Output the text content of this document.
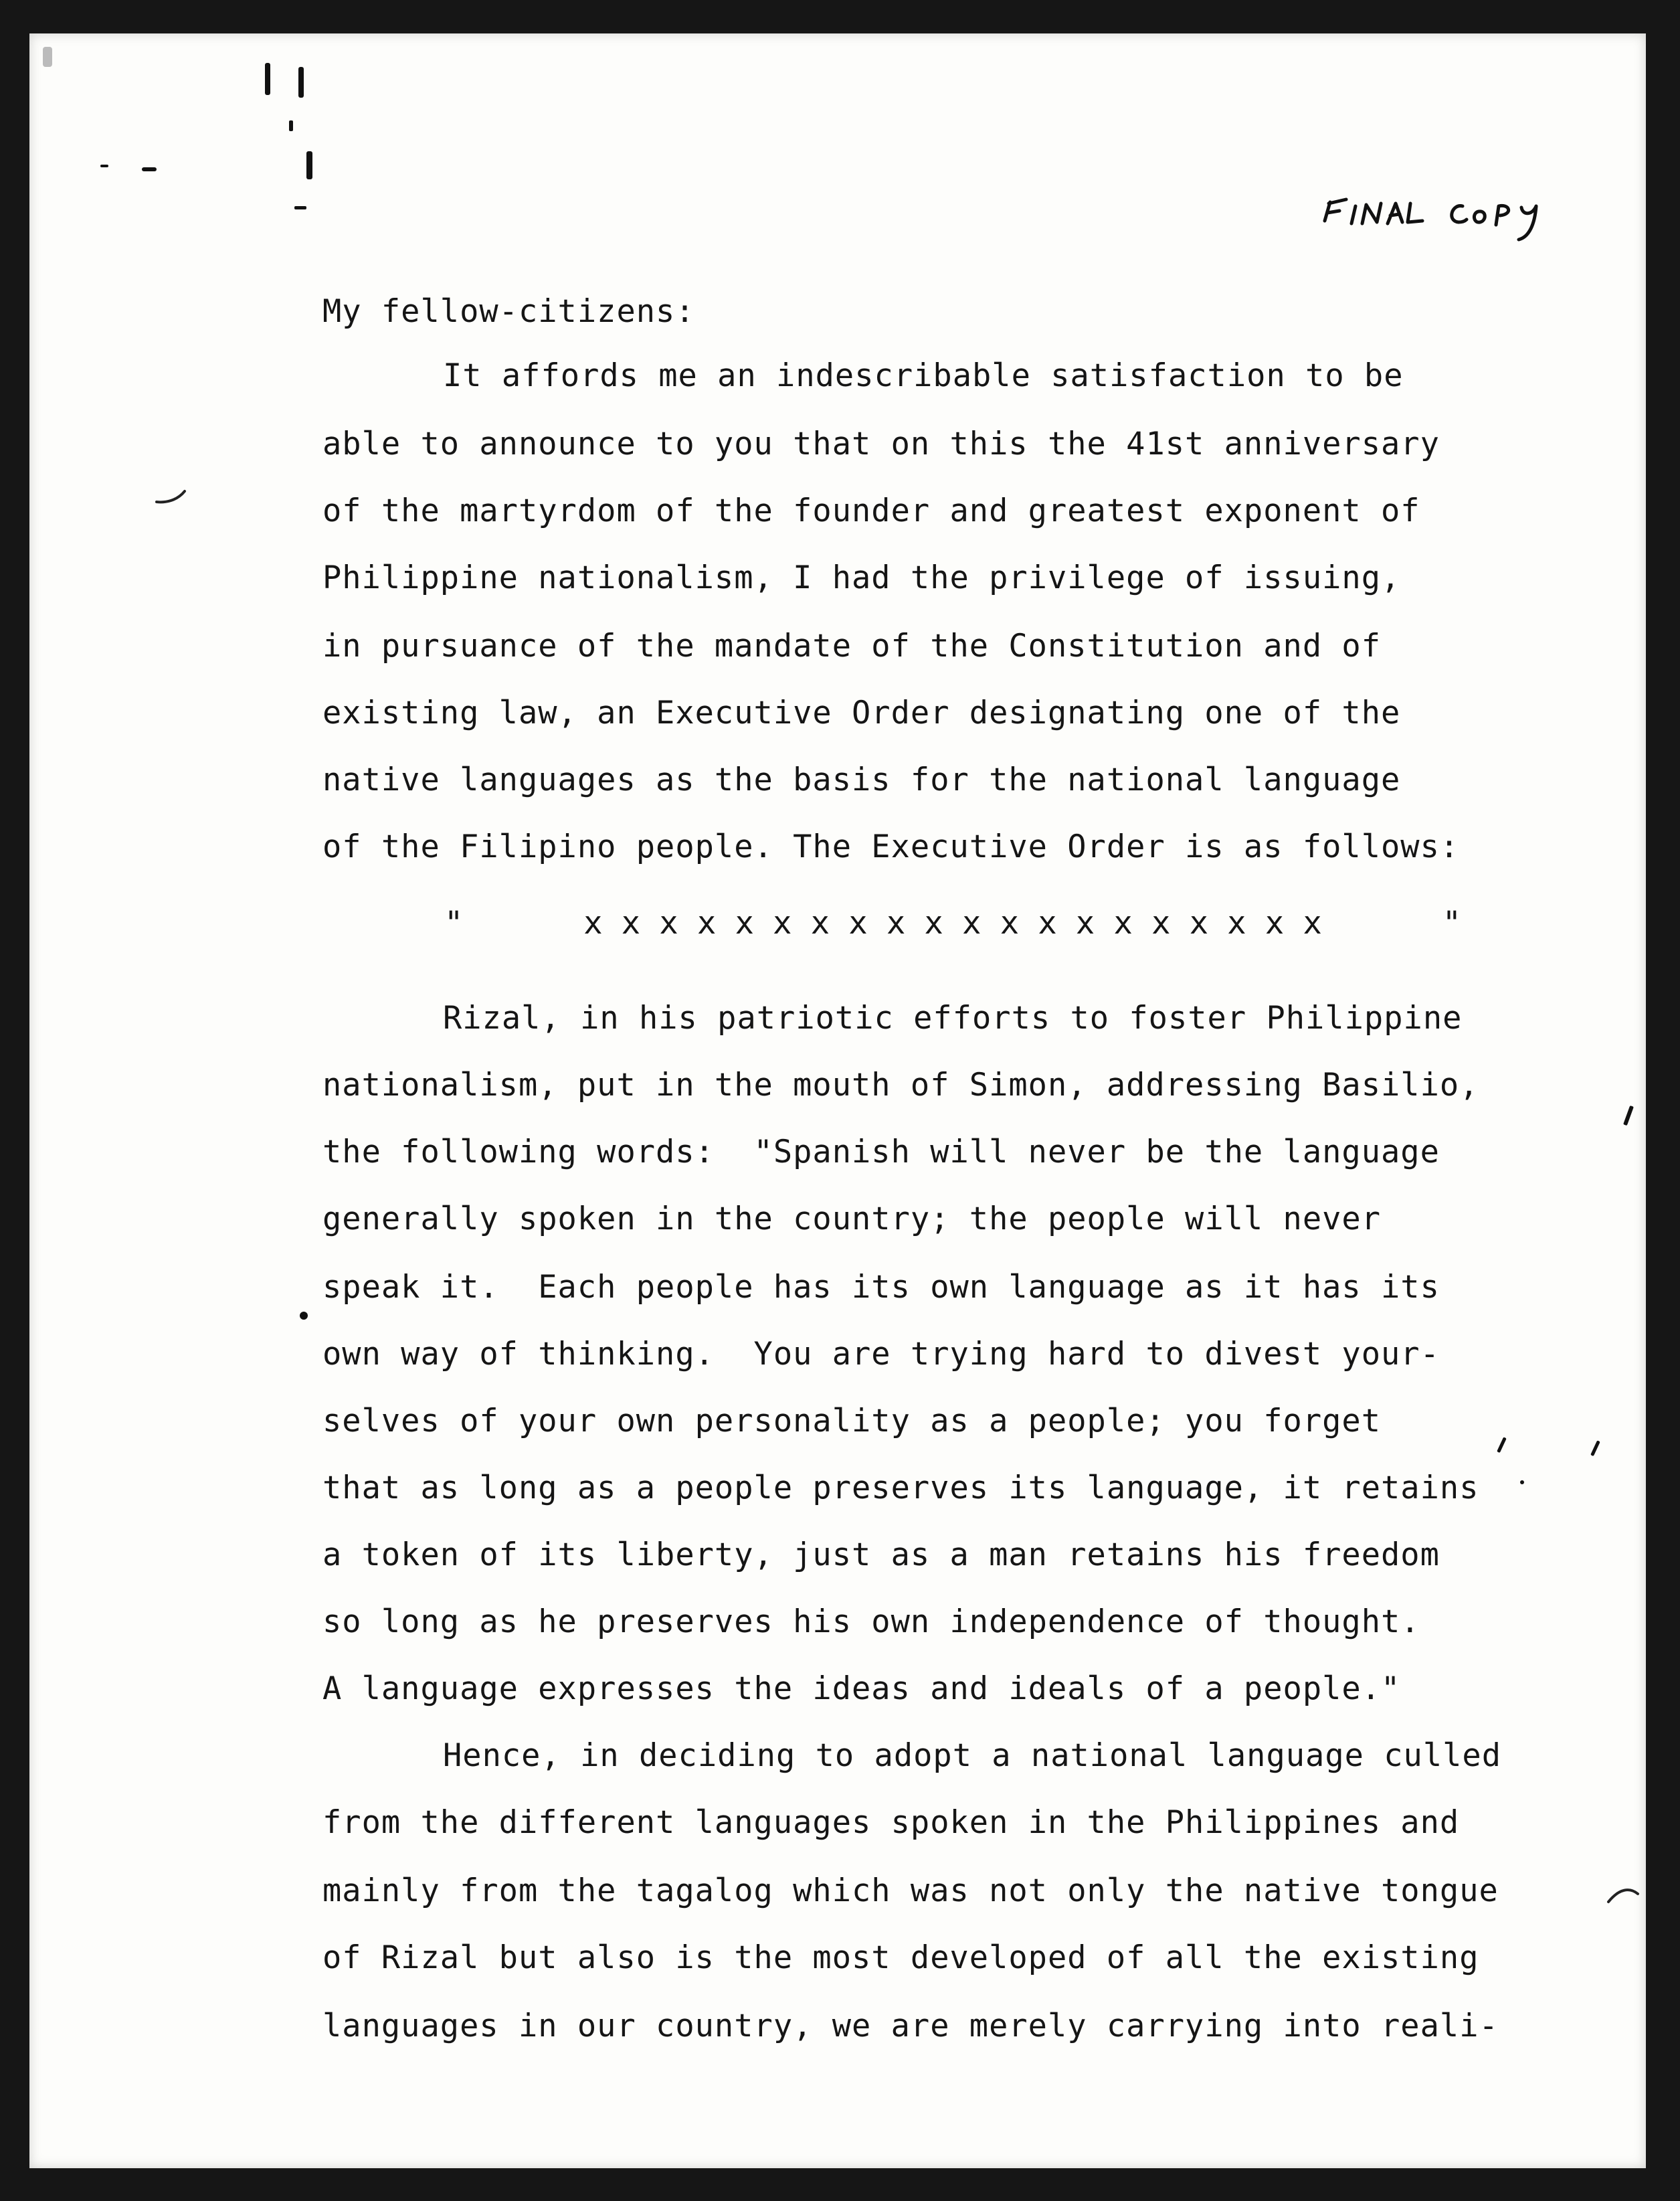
My fellow-citizens:
It affords me an indescribable satisfaction to be
able to announce to you that on this the 41st anniversary
of the martyrdom of the founder and greatest exponent of
Philippine nationalism, I had the privilege of issuing,
in pursuance of the mandate of the Constitution and of
existing law, an Executive Order designating one of the
native languages as the basis for the national language
of the Filipino people. The Executive Order is as follows:
"	x x x x x x x x x x x x x x x x x x x x	"
Rizal, in his patriotic efforts to foster Philippine
nationalism, put in the mouth of Simon, addressing Basilio,
the following words:  "Spanish will never be the language
generally spoken in the country; the people will never
speak it.  Each people has its own language as it has its
own way of thinking.  You are trying hard to divest your-
selves of your own personality as a people; you forget
that as long as a people preserves its language, it retains
a token of its liberty, just as a man retains his freedom
so long as he preserves his own independence of thought.
A language expresses the ideas and ideals of a people."
Hence, in deciding to adopt a national language culled
from the different languages spoken in the Philippines and
mainly from the tagalog which was not only the native tongue
of Rizal but also is the most developed of all the existing
languages in our country, we are merely carrying into reali-
